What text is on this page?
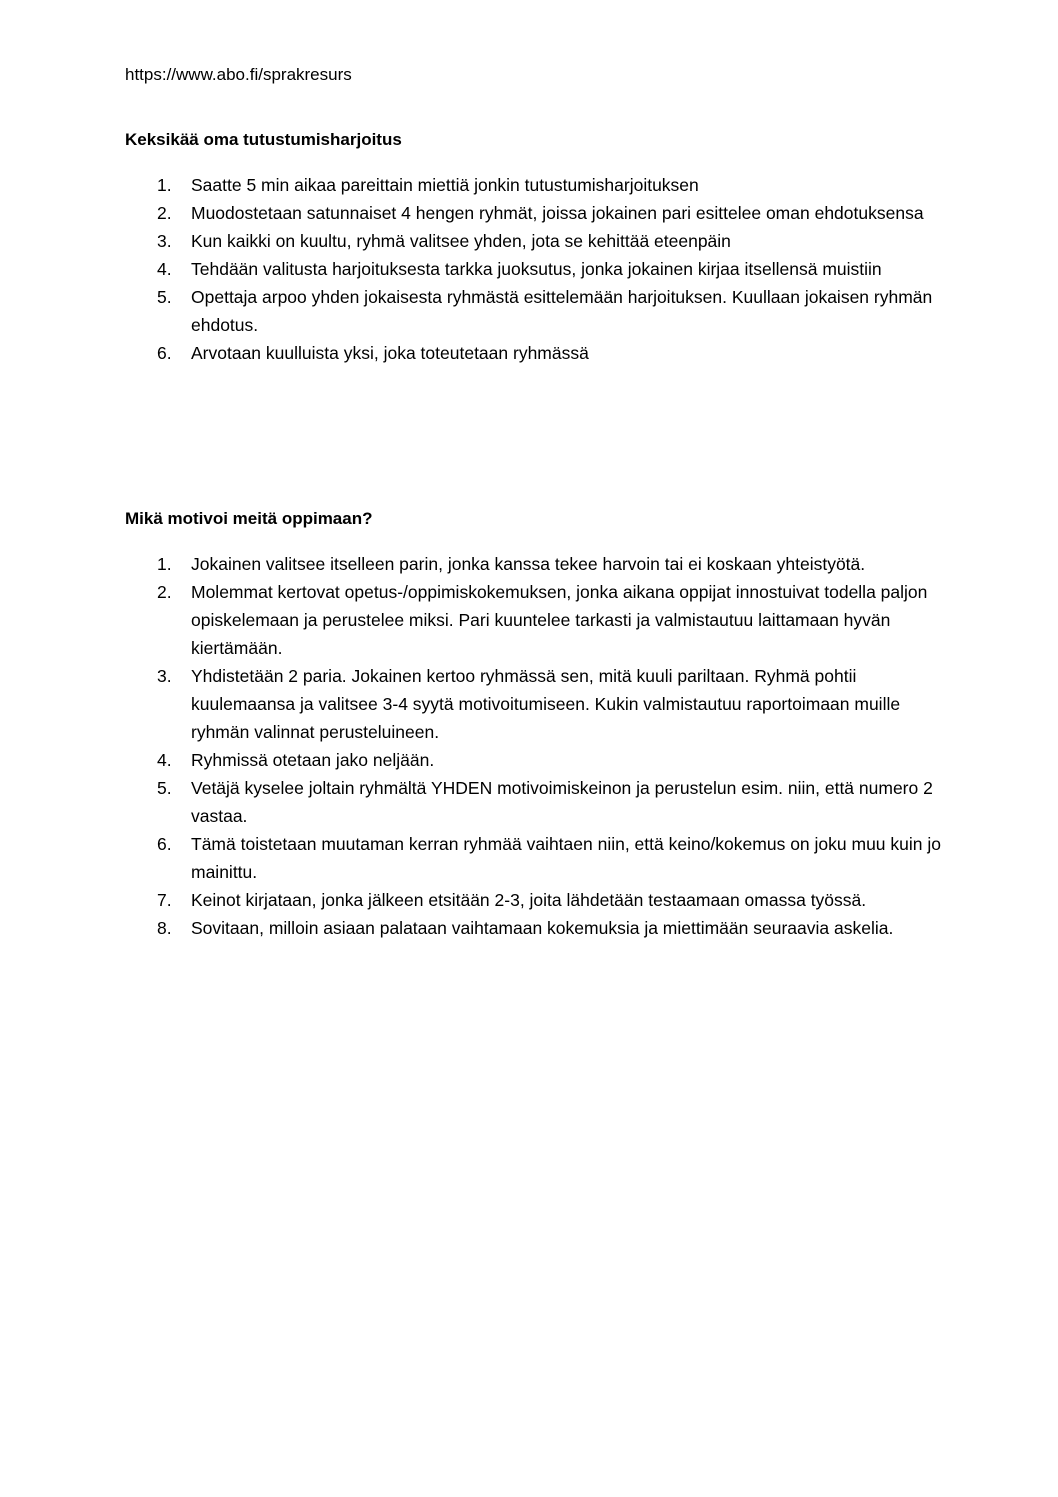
https://www.abo.fi/sprakresurs
Keksikää oma tutustumisharjoitus
1. Saatte 5 min aikaa pareittain miettiä jonkin tutustumisharjoituksen
2. Muodostetaan satunnaiset 4 hengen ryhmät, joissa jokainen pari esittelee oman ehdotuksensa
3. Kun kaikki on kuultu, ryhmä valitsee yhden, jota se kehittää eteenpäin
4. Tehdään valitusta harjoituksesta tarkka juoksutus, jonka jokainen kirjaa itsellensä muistiin
5. Opettaja arpoo yhden jokaisesta ryhmästä esittelemään harjoituksen. Kuullaan jokaisen ryhmän ehdotus.
6. Arvotaan kuulluista yksi, joka toteutetaan ryhmässä
Mikä motivoi meitä oppimaan?
1. Jokainen valitsee itselleen parin, jonka kanssa tekee harvoin tai ei koskaan yhteistyötä.
2. Molemmat kertovat opetus-/oppimiskokemuksen, jonka aikana oppijat innostuivat todella paljon opiskelemaan ja perustelee miksi. Pari kuuntelee tarkasti ja valmistautuu laittamaan hyvän kiertämään.
3. Yhdistetään 2 paria. Jokainen kertoo ryhmässä sen, mitä kuuli pariltaan. Ryhmä pohtii kuulemaansa ja valitsee 3-4 syytä motivoitumiseen. Kukin valmistautuu raportoimaan muille ryhmän valinnat perusteluineen.
4. Ryhmissä otetaan jako neljään.
5. Vetäjä kyselee joltain ryhmältä YHDEN motivoimiskeinon ja perustelun esim. niin, että numero 2 vastaa.
6. Tämä toistetaan muutaman kerran ryhmää vaihtaen niin, että keino/kokemus on joku muu kuin jo mainittu.
7. Keinot kirjataan, jonka jälkeen etsitään 2-3, joita lähdetään testaamaan omassa työssä.
8. Sovitaan, milloin asiaan palataan vaihtamaan kokemuksia ja miettimään seuraavia askelia.
